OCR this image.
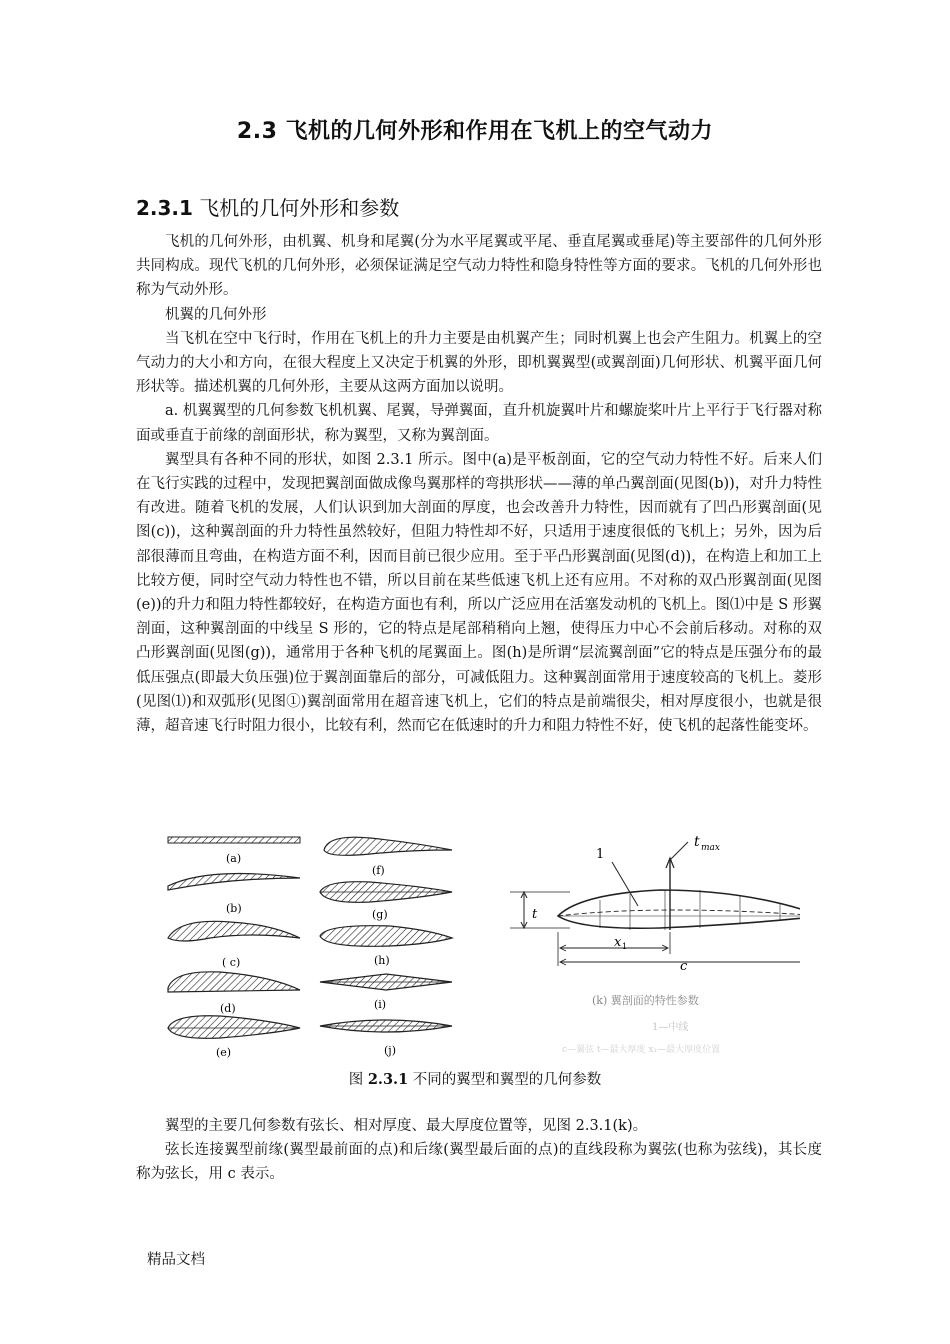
2.3 飞机的几何外形和作用在飞机上的空气动力
2.3.1 飞机的几何外形和参数

飞机的几何外形，由机翼、机身和尾翼(分为水平尾翼或平尾、垂直尾翼或垂尾)等主要部件的几何外形共同构成。现代飞机的几何外形，必须保证满足空气动力特性和隐身特性等方面的要求。飞机的几何外形也称为气动外形。

机翼的几何外形

当飞机在空中飞行时，作用在飞机上的升力主要是由机翼产生；同时机翼上也会产生阻力。机翼上的空气动力的大小和方向，在很大程度上又决定于机翼的外形，即机翼翼型(或翼剖面)几何形状、机翼平面几何形状等。描述机翼的几何外形，主要从这两方面加以说明。

a. 机翼翼型的几何参数飞机机翼、尾翼，导弹翼面，直升机旋翼叶片和螺旋桨叶片上平行于飞行器对称面或垂直于前缘的剖面形状，称为翼型，又称为翼剖面。

翼型具有各种不同的形状，如图 2.3.1 所示。图中(a)是平板剖面，它的空气动力特性不好。后来人们在飞行实践的过程中，发现把翼剖面做成像鸟翼那样的弯拱形状——薄的单凸翼剖面(见图(b))，对升力特性有改进。随着飞机的发展，人们认识到加大剖面的厚度，也会改善升力特性，因而就有了凹凸形翼剖面(见图(c))，这种翼剖面的升力特性虽然较好，但阻力特性却不好，只适用于速度很低的飞机上；另外，因为后部很薄而且弯曲，在构造方面不利，因而目前已很少应用。至于平凸形翼剖面(见图(d))，在构造上和加工上比较方便，同时空气动力特性也不错，所以目前在某些低速飞机上还有应用。不对称的双凸形翼剖面(见图(e))的升力和阻力特性都较好，在构造方面也有利，所以广泛应用在活塞发动机的飞机上。图⑴中是 S 形翼剖面，这种翼剖面的中线呈 S 形的，它的特点是尾部稍稍向上翘，使得压力中心不会前后移动。对称的双凸形翼剖面(见图(g))，通常用于各种飞机的尾翼面上。图(h)是所谓“层流翼剖面”它的特点是压强分布的最低压强点(即最大负压强)位于翼剖面靠后的部分，可减低阻力。这种翼剖面常用于速度较高的飞机上。菱形(见图⑴)和双弧形(见图①)翼剖面常用在超音速飞机上，它们的特点是前端很尖，相对厚度很小，也就是很薄，超音速飞行时阻力很小，比较有利，然而它在低速时的升力和阻力特性不好，使飞机的起落性能变坏。

(a)
(b)
( c)
(d)
(e)
(f)
(g)
(h)
(i)
(j)
t max
1
t
x 1
c
(k) 翼剖面的特性参数
1—中线
c—翼弦 t—最大厚度 x₁—最大厚度位置
图 2.3.1 不同的翼型和翼型的几何参数

翼型的主要几何参数有弦长、相对厚度、最大厚度位置等，见图 2.3.1(k)。

弦长连接翼型前缘(翼型最前面的点)和后缘(翼型最后面的点)的直线段称为翼弦(也称为弦线)，其长度称为弦长，用 c 表示。

精品文档
